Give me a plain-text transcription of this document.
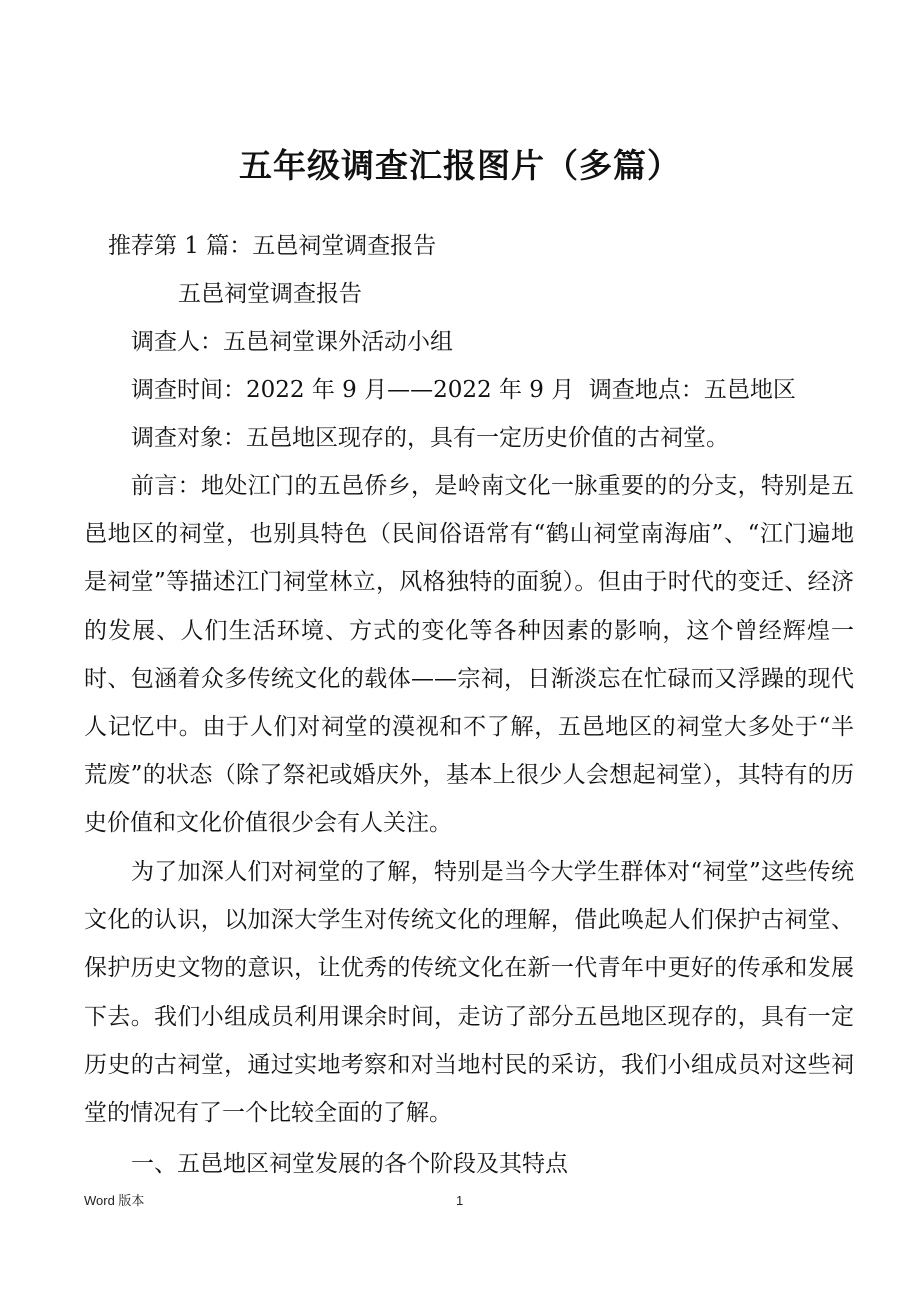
五年级调查汇报图片（多篇）
推荐第 1 篇：五邑祠堂调查报告
五邑祠堂调查报告
调查人：五邑祠堂课外活动小组
调查时间：2022 年 9 月——2022 年 9 月  调查地点：五邑地区
调查对象：五邑地区现存的，具有一定历史价值的古祠堂。

前言：地处江门的五邑侨乡，是岭南文化一脉重要的的分支，特别是五邑地区的祠堂，也别具特色（民间俗语常有“鹤山祠堂南海庙”、“江门遍地是祠堂”等描述江门祠堂林立，风格独特的面貌）。但由于时代的变迁、经济的发展、人们生活环境、方式的变化等各种因素的影响，这个曾经辉煌一时、包涵着众多传统文化的载体——宗祠，日渐淡忘在忙碌而又浮躁的现代人记忆中。由于人们对祠堂的漠视和不了解，五邑地区的祠堂大多处于“半荒废”的状态（除了祭祀或婚庆外，基本上很少人会想起祠堂），其特有的历史价值和文化价值很少会有人关注。

为了加深人们对祠堂的了解，特别是当今大学生群体对“祠堂”这些传统文化的认识，以加深大学生对传统文化的理解，借此唤起人们保护古祠堂、保护历史文物的意识，让优秀的传统文化在新一代青年中更好的传承和发展下去。我们小组成员利用课余时间，走访了部分五邑地区现存的，具有一定历史的古祠堂，通过实地考察和对当地村民的采访，我们小组成员对这些祠堂的情况有了一个比较全面的了解。

一、五邑地区祠堂发展的各个阶段及其特点
Word 版本	1
